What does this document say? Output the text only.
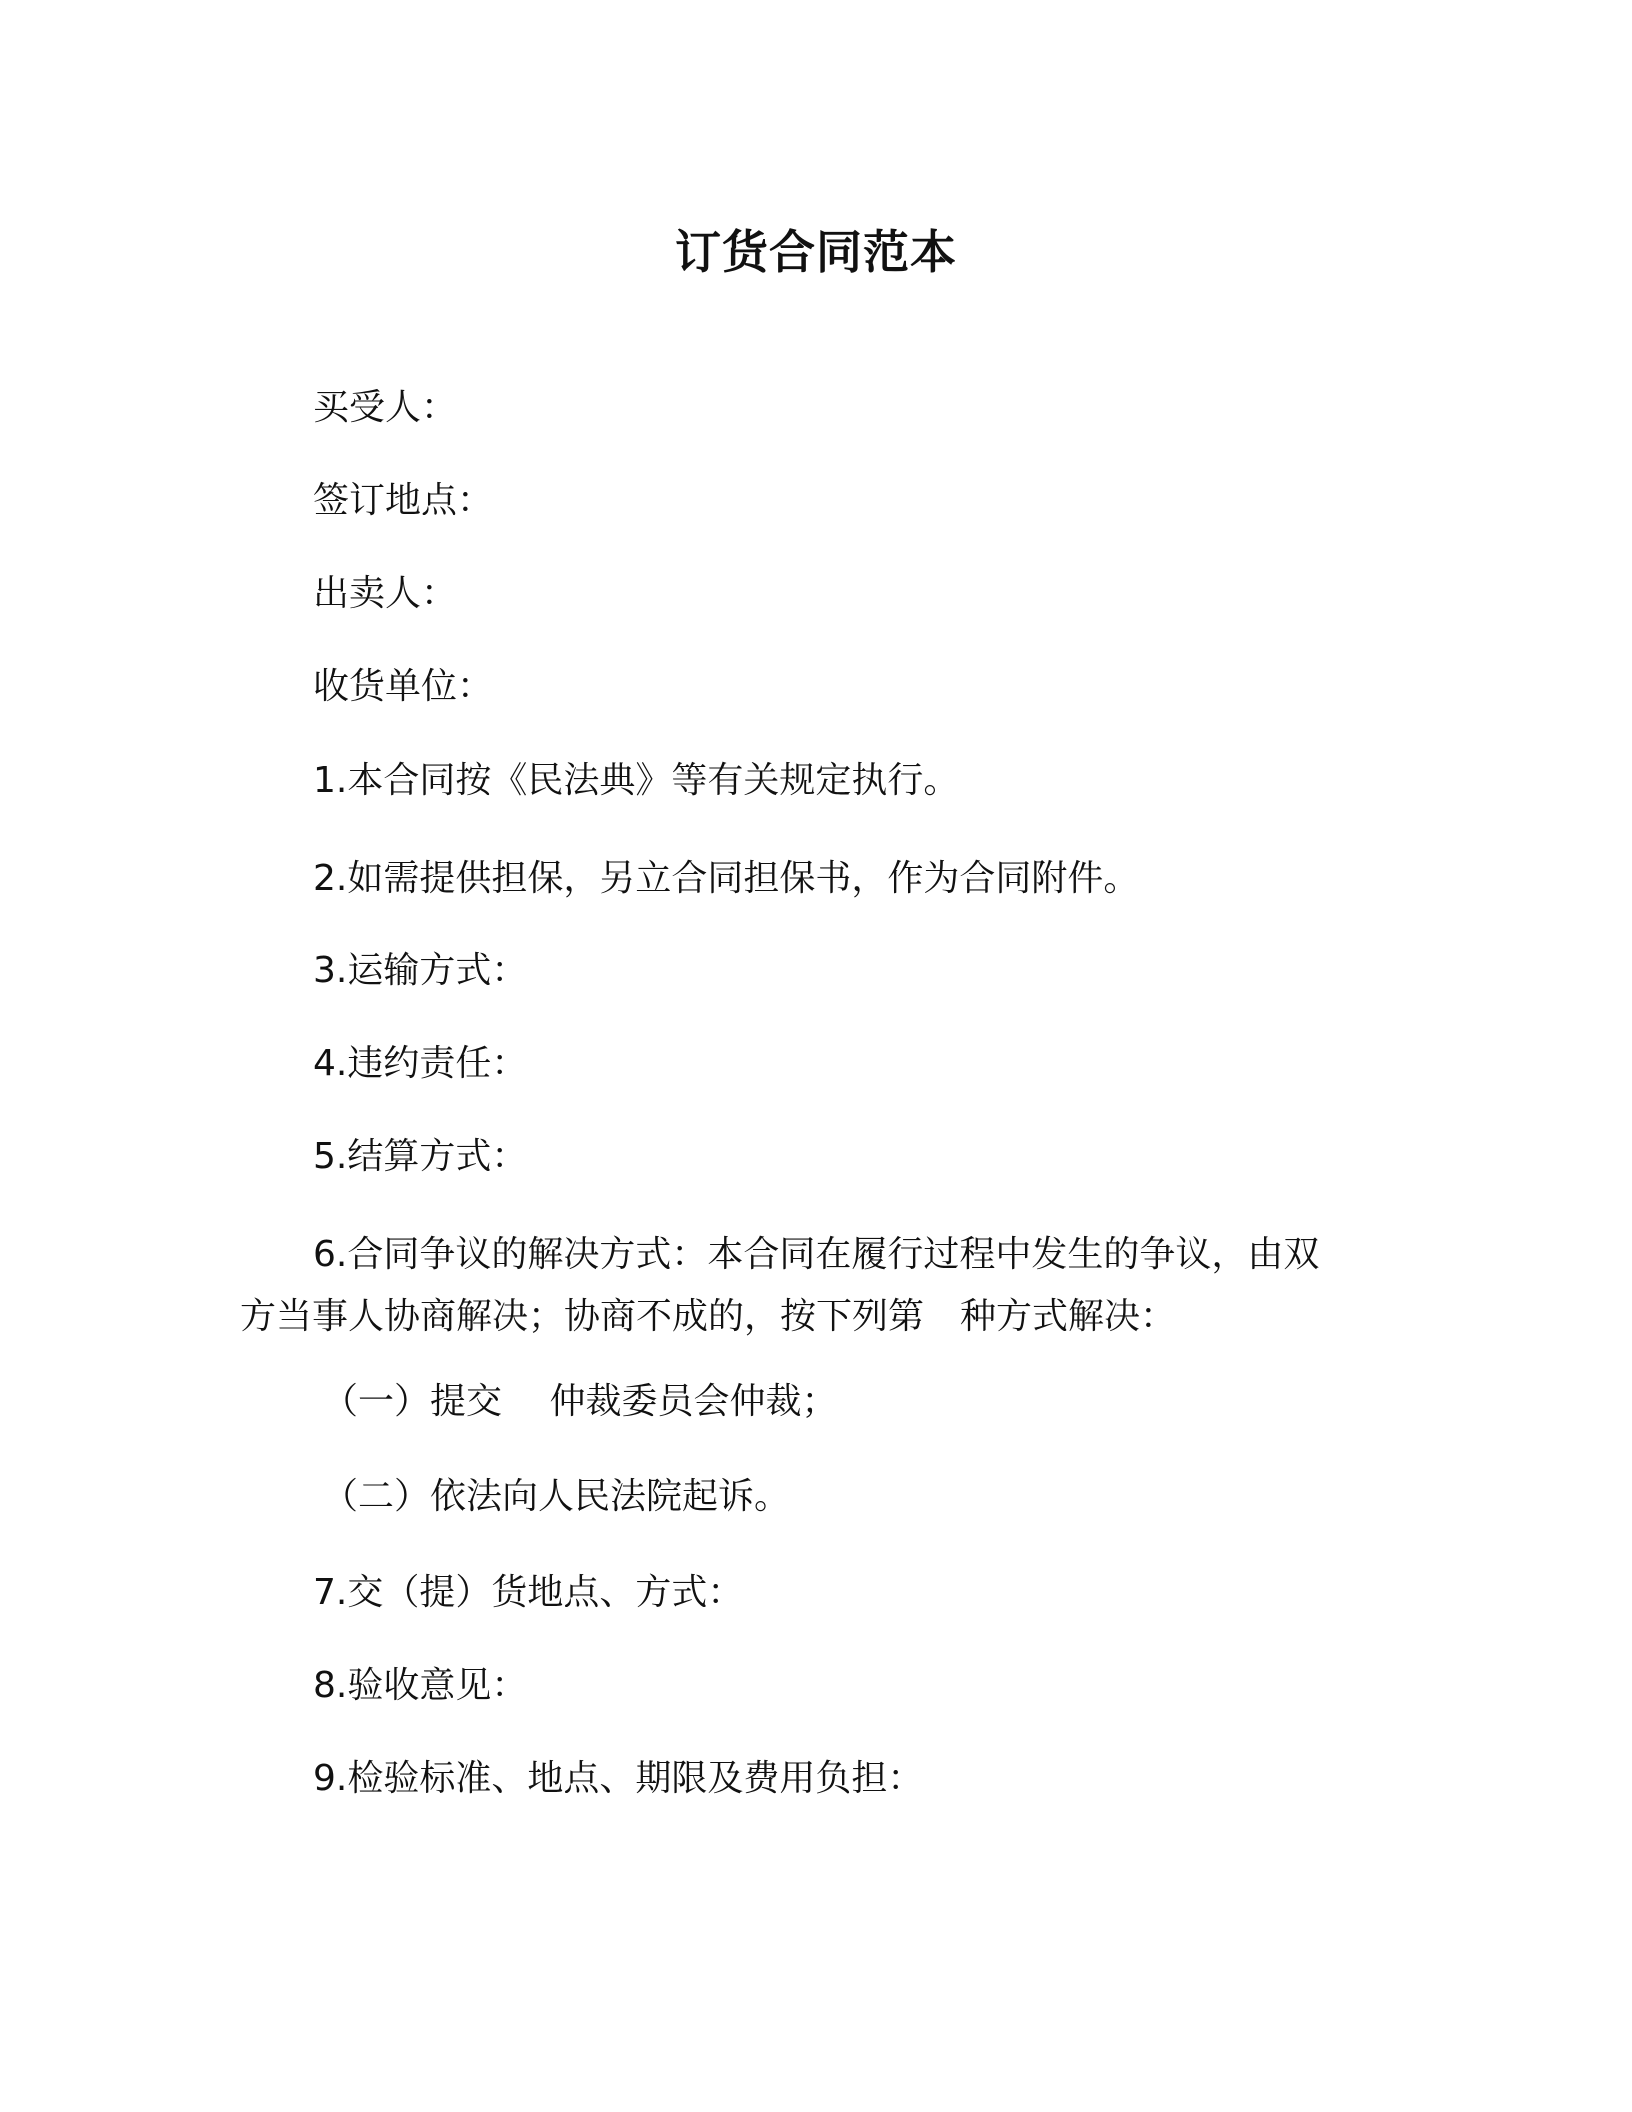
订货合同范本
买受人：
签订地点：
出卖人：
收货单位：
1.本合同按《民法典》等有关规定执行。
2.如需提供担保，另立合同担保书，作为合同附件。
3.运输方式：
4.违约责任：
5.结算方式：
6.合同争议的解决方式：本合同在履行过程中发生的争议，由双
方当事人协商解决；协商不成的，按下列第　种方式解决：
（一）提交　 仲裁委员会仲裁；
（二）依法向人民法院起诉。
7.交（提）货地点、方式：
8.验收意见：
9.检验标准、地点、期限及费用负担：
